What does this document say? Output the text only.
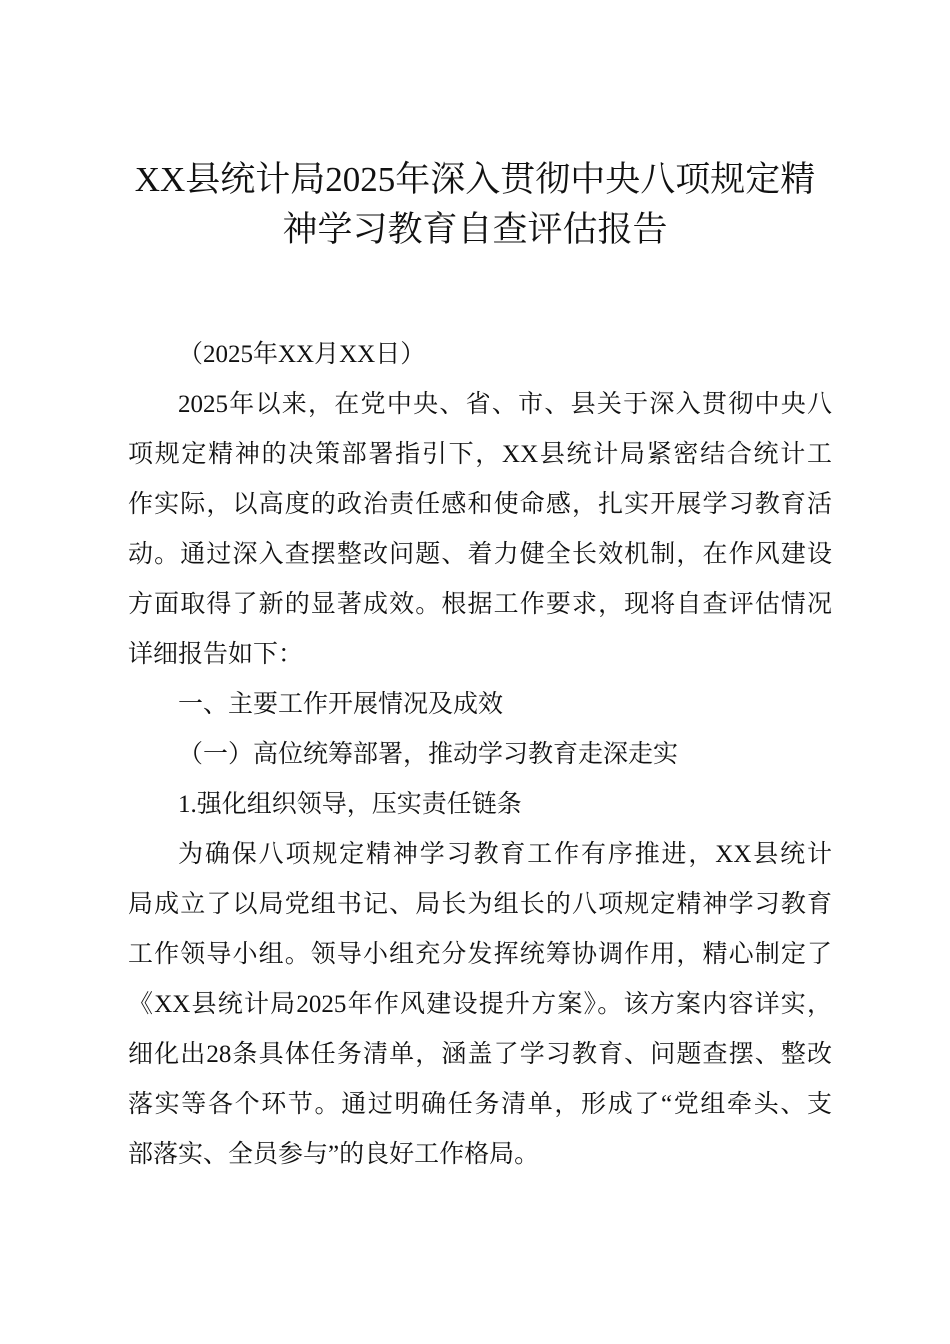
XX县统计局2025年深入贯彻中央八项规定精
神学习教育自查评估报告
（2025年XX月XX日）
2025年以来，在党中央、省、市、县关于深入贯彻中央八
项规定精神的决策部署指引下，XX县统计局紧密结合统计工
作实际，以高度的政治责任感和使命感，扎实开展学习教育活
动。通过深入查摆整改问题、着力健全长效机制，在作风建设
方面取得了新的显著成效。根据工作要求，现将自查评估情况
详细报告如下：
一、主要工作开展情况及成效
（一）高位统筹部署，推动学习教育走深走实
1.强化组织领导，压实责任链条
为确保八项规定精神学习教育工作有序推进，XX县统计
局成立了以局党组书记、局长为组长的八项规定精神学习教育
工作领导小组。领导小组充分发挥统筹协调作用，精心制定了
《XX县统计局2025年作风建设提升方案》。该方案内容详实，
细化出28条具体任务清单，涵盖了学习教育、问题查摆、整改
落实等各个环节。通过明确任务清单，形成了“党组牵头、支
部落实、全员参与”的良好工作格局。
